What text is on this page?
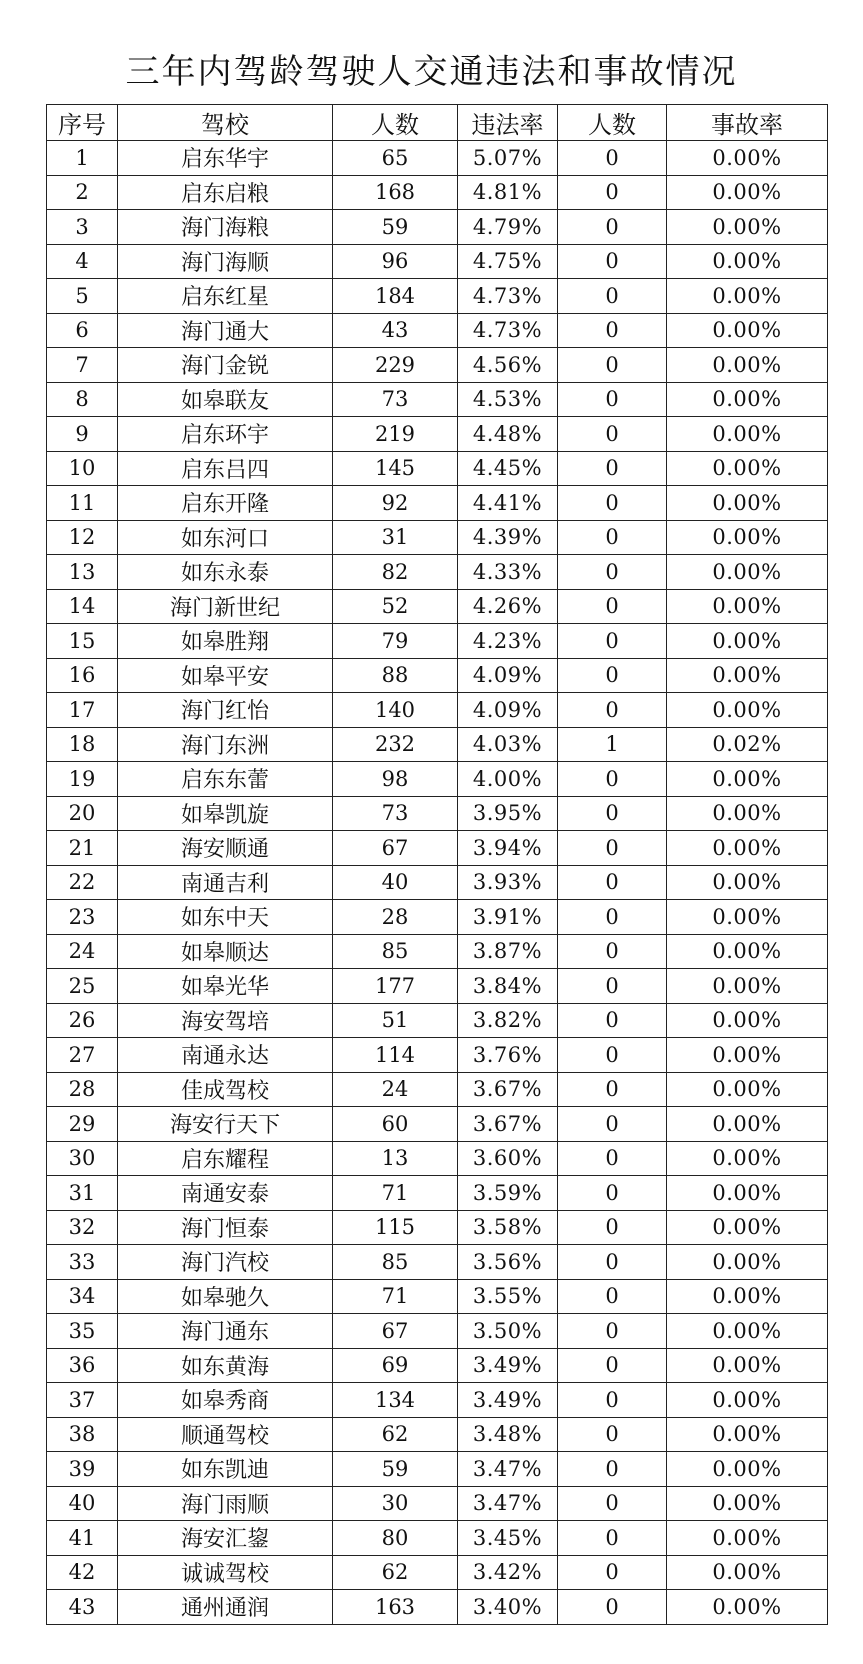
三年内驾龄驾驶人交通违法和事故情况
序号	驾校	人数	违法率	人数	事故率
1	启东华宇	65	5.07%	0	0.00%
2	启东启粮	168	4.81%	0	0.00%
3	海门海粮	59	4.79%	0	0.00%
4	海门海顺	96	4.75%	0	0.00%
5	启东红星	184	4.73%	0	0.00%
6	海门通大	43	4.73%	0	0.00%
7	海门金锐	229	4.56%	0	0.00%
8	如皋联友	73	4.53%	0	0.00%
9	启东环宇	219	4.48%	0	0.00%
10	启东吕四	145	4.45%	0	0.00%
11	启东开隆	92	4.41%	0	0.00%
12	如东河口	31	4.39%	0	0.00%
13	如东永泰	82	4.33%	0	0.00%
14	海门新世纪	52	4.26%	0	0.00%
15	如皋胜翔	79	4.23%	0	0.00%
16	如皋平安	88	4.09%	0	0.00%
17	海门红怡	140	4.09%	0	0.00%
18	海门东洲	232	4.03%	1	0.02%
19	启东东蕾	98	4.00%	0	0.00%
20	如皋凯旋	73	3.95%	0	0.00%
21	海安顺通	67	3.94%	0	0.00%
22	南通吉利	40	3.93%	0	0.00%
23	如东中天	28	3.91%	0	0.00%
24	如皋顺达	85	3.87%	0	0.00%
25	如皋光华	177	3.84%	0	0.00%
26	海安驾培	51	3.82%	0	0.00%
27	南通永达	114	3.76%	0	0.00%
28	佳成驾校	24	3.67%	0	0.00%
29	海安行天下	60	3.67%	0	0.00%
30	启东耀程	13	3.60%	0	0.00%
31	南通安泰	71	3.59%	0	0.00%
32	海门恒泰	115	3.58%	0	0.00%
33	海门汽校	85	3.56%	0	0.00%
34	如皋驰久	71	3.55%	0	0.00%
35	海门通东	67	3.50%	0	0.00%
36	如东黄海	69	3.49%	0	0.00%
37	如皋秀商	134	3.49%	0	0.00%
38	顺通驾校	62	3.48%	0	0.00%
39	如东凯迪	59	3.47%	0	0.00%
40	海门雨顺	30	3.47%	0	0.00%
41	海安汇鋆	80	3.45%	0	0.00%
42	诚诚驾校	62	3.42%	0	0.00%
43	通州通润	163	3.40%	0	0.00%
